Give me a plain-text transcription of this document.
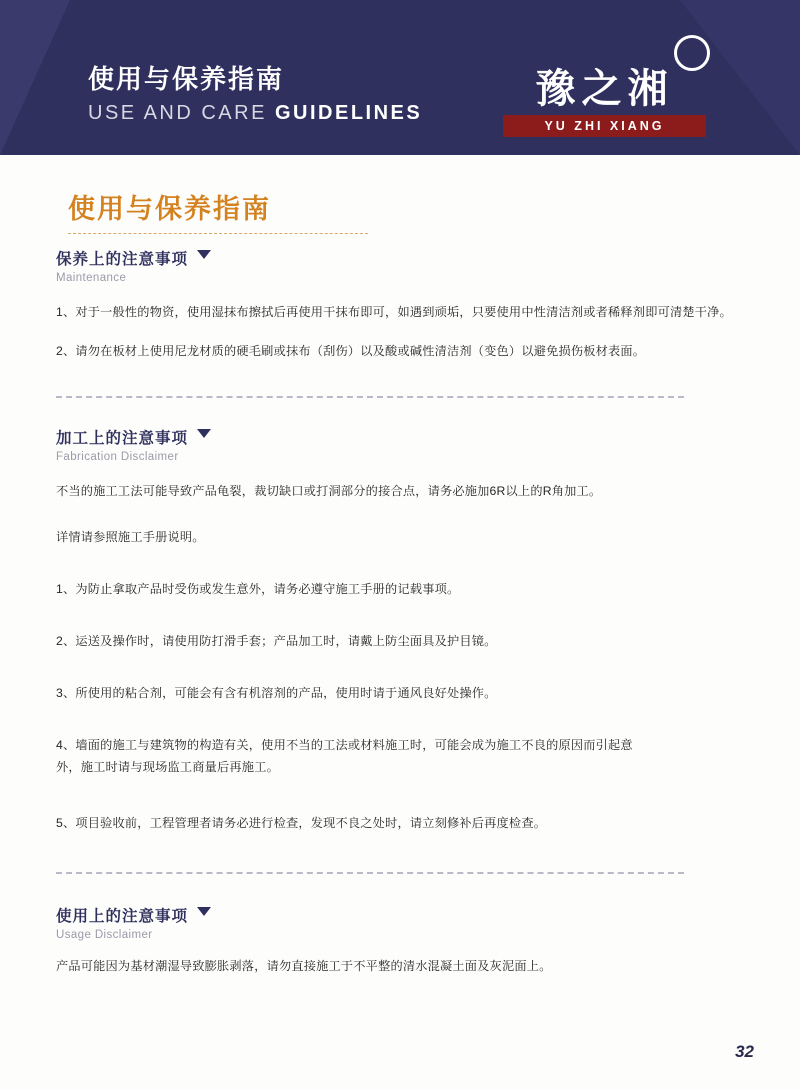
使用与保养指南
USE AND CARE GUIDELINES
豫之湘
YU ZHI XIANG
使用与保养指南
保养上的注意事项
Maintenance
1、对于一般性的物资，使用湿抹布擦拭后再使用干抹布即可，如遇到顽垢，只要使用中性清洁剂或者稀释剂即可清楚干净。
2、请勿在板材上使用尼龙材质的硬毛刷或抹布（刮伤）以及酸或碱性清洁剂（变色）以避免损伤板材表面。
加工上的注意事项
Fabrication Disclaimer
不当的施工工法可能导致产品龟裂，裁切缺口或打洞部分的接合点，请务必施加6R以上的R角加工。
详情请参照施工手册说明。
1、为防止拿取产品时受伤或发生意外，请务必遵守施工手册的记载事项。
2、运送及操作时，请使用防打滑手套；产品加工时，请戴上防尘面具及护目镜。
3、所使用的粘合剂，可能会有含有机溶剂的产品，使用时请于通风良好处操作。
4、墙面的施工与建筑物的构造有关，使用不当的工法或材料施工时，可能会成为施工不良的原因而引起意外，施工时请与现场监工商量后再施工。
5、项目验收前，工程管理者请务必进行检查，发现不良之处时，请立刻修补后再度检查。
使用上的注意事项
Usage Disclaimer
产品可能因为基材潮湿导致膨胀剥落，请勿直接施工于不平整的清水混凝土面及灰泥面上。
32
